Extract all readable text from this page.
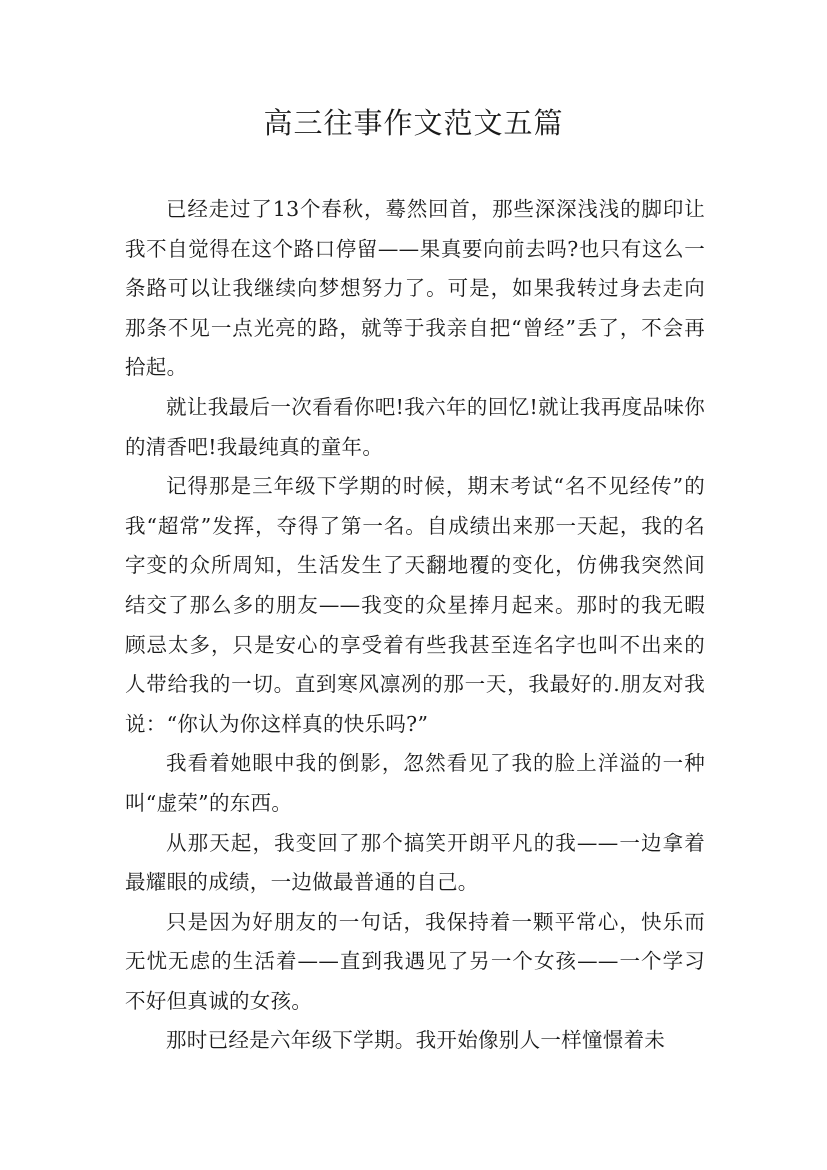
高三往事作文范文五篇

已经走过了13个春秋，蓦然回首，那些深深浅浅的脚印让我不自觉得在这个路口停留——果真要向前去吗?也只有这么一条路可以让我继续向梦想努力了。可是，如果我转过身去走向那条不见一点光亮的路，就等于我亲自把“曾经”丢了，不会再拾起。

就让我最后一次看看你吧!我六年的回忆!就让我再度品味你的清香吧!我最纯真的童年。

记得那是三年级下学期的时候，期末考试“名不见经传”的我“超常”发挥，夺得了第一名。自成绩出来那一天起，我的名字变的众所周知，生活发生了天翻地覆的变化，仿佛我突然间结交了那么多的朋友——我变的众星捧月起来。那时的我无暇顾忌太多，只是安心的享受着有些我甚至连名字也叫不出来的人带给我的一切。直到寒风凛冽的那一天，我最好的.朋友对我说：“你认为你这样真的快乐吗?”

我看着她眼中我的倒影，忽然看见了我的脸上洋溢的一种叫“虚荣”的东西。

从那天起，我变回了那个搞笑开朗平凡的我——一边拿着最耀眼的成绩，一边做最普通的自己。

只是因为好朋友的一句话，我保持着一颗平常心，快乐而无忧无虑的生活着——直到我遇见了另一个女孩——一个学习不好但真诚的女孩。

那时已经是六年级下学期。我开始像别人一样憧憬着未
